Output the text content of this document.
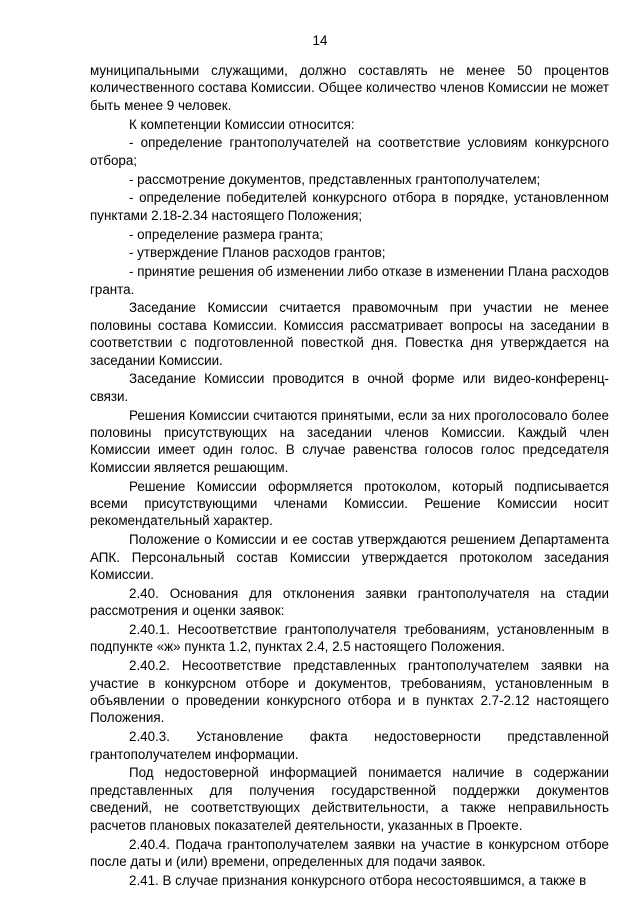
14

муниципальными служащими, должно составлять не менее 50 процентов количественного состава Комиссии. Общее количество членов Комиссии не может быть менее 9 человек.

К компетенции Комиссии относится:

- определение грантополучателей на соответствие условиям конкурсного отбора;

- рассмотрение документов, представленных грантополучателем;

- определение победителей конкурсного отбора в порядке, установленном пунктами 2.18-2.34 настоящего Положения;

- определение размера гранта;

- утверждение Планов расходов грантов;

- принятие решения об изменении либо отказе в изменении Плана расходов гранта.

Заседание Комиссии считается правомочным при участии не менее половины состава Комиссии. Комиссия рассматривает вопросы на заседании в соответствии с подготовленной повесткой дня. Повестка дня утверждается на заседании Комиссии.

Заседание Комиссии проводится в очной форме или видео-конференц-связи.

Решения Комиссии считаются принятыми, если за них проголосовало более половины присутствующих на заседании членов Комиссии. Каждый член Комиссии имеет один голос. В случае равенства голосов голос председателя Комиссии является решающим.

Решение Комиссии оформляется протоколом, который подписывается всеми присутствующими членами Комиссии. Решение Комиссии носит рекомендательный характер.

Положение о Комиссии и ее состав утверждаются решением Департамента АПК. Персональный состав Комиссии утверждается протоколом заседания Комиссии.

2.40. Основания для отклонения заявки грантополучателя на стадии рассмотрения и оценки заявок:

2.40.1. Несоответствие грантополучателя требованиям, установленным в подпункте «ж» пункта 1.2, пунктах 2.4, 2.5 настоящего Положения.

2.40.2. Несоответствие представленных грантополучателем заявки на участие в конкурсном отборе и документов, требованиям, установленным в объявлении о проведении конкурсного отбора и в пунктах 2.7-2.12 настоящего Положения.

2.40.3. Установление факта недостоверности представленной грантополучателем информации.

Под недостоверной информацией понимается наличие в содержании представленных для получения государственной поддержки документов сведений, не соответствующих действительности, а также неправильность расчетов плановых показателей деятельности, указанных в Проекте.

2.40.4. Подача грантополучателем заявки на участие в конкурсном отборе после даты и (или) времени, определенных для подачи заявок.

2.41. В случае признания конкурсного отбора несостоявшимся, а также в
